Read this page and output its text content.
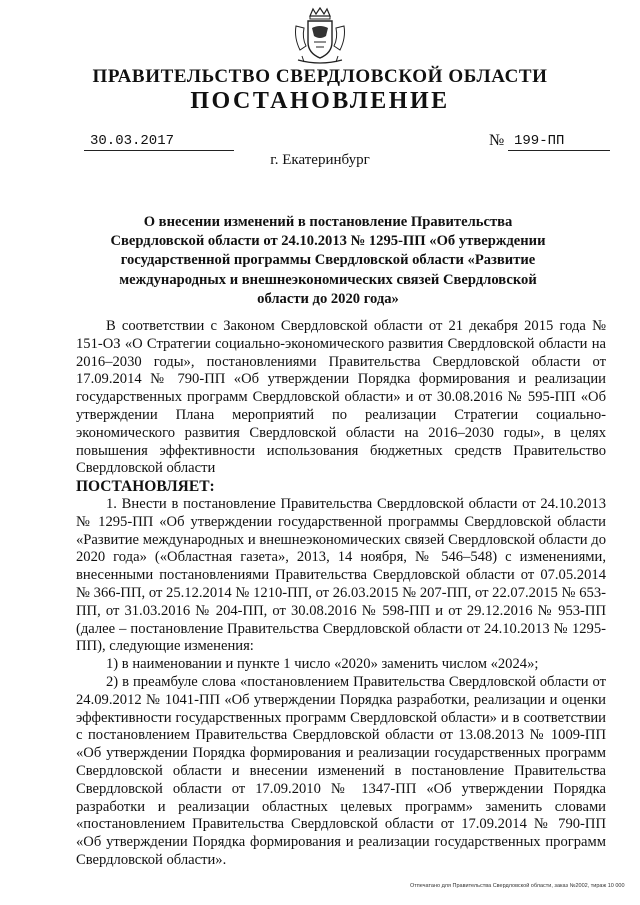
ПРАВИТЕЛЬСТВО СВЕРДЛОВСКОЙ ОБЛАСТИ
ПОСТАНОВЛЕНИЕ
30.03.2017	№ 199-ПП
г. Екатеринбург
О внесении изменений в постановление Правительства Свердловской области от 24.10.2013 № 1295-ПП «Об утверждении государственной программы Свердловской области «Развитие международных и внешнеэкономических связей Свердловской области до 2020 года»

В соответствии с Законом Свердловской области от 21 декабря 2015 года № 151-ОЗ «О Стратегии социально-экономического развития Свердловской области на 2016–2030 годы», постановлениями Правительства Свердловской области от 17.09.2014 № 790-ПП «Об утверждении Порядка формирования и реализации государственных программ Свердловской области» и от 30.08.2016 № 595-ПП «Об утверждении Плана мероприятий по реализации Стратегии социально-экономического развития Свердловской области на 2016–2030 годы», в целях повышения эффективности использования бюджетных средств Правительство Свердловской области

ПОСТАНОВЛЯЕТ:

1. Внести в постановление Правительства Свердловской области от 24.10.2013 № 1295-ПП «Об утверждении государственной программы Свердловской области «Развитие международных и внешнеэкономических связей Свердловской области до 2020 года» («Областная газета», 2013, 14 ноября, № 546–548) с изменениями, внесенными постановлениями Правительства Свердловской области от 07.05.2014 № 366-ПП, от 25.12.2014 № 1210-ПП, от 26.03.2015 № 207-ПП, от 22.07.2015 № 653-ПП, от 31.03.2016 № 204-ПП, от 30.08.2016 № 598-ПП и от 29.12.2016 № 953-ПП (далее – постановление Правительства Свердловской области от 24.10.2013 № 1295-ПП), следующие изменения:

1) в наименовании и пункте 1 число «2020» заменить числом «2024»;

2) в преамбуле слова «постановлением Правительства Свердловской области от 24.09.2012 № 1041-ПП «Об утверждении Порядка разработки, реализации и оценки эффективности государственных программ Свердловской области» и в соответствии с постановлением Правительства Свердловской области от 13.08.2013 № 1009-ПП «Об утверждении Порядка формирования и реализации государственных программ Свердловской области и внесении изменений в постановление Правительства Свердловской области от 17.09.2010 № 1347-ПП «Об утверждении Порядка разработки и реализации областных целевых программ» заменить словами «постановлением Правительства Свердловской области от 17.09.2014 № 790-ПП «Об утверждении Порядка формирования и реализации государственных программ Свердловской области».

Отпечатано для Правительства Свердловской области, заказ №2002, тираж 10 000
